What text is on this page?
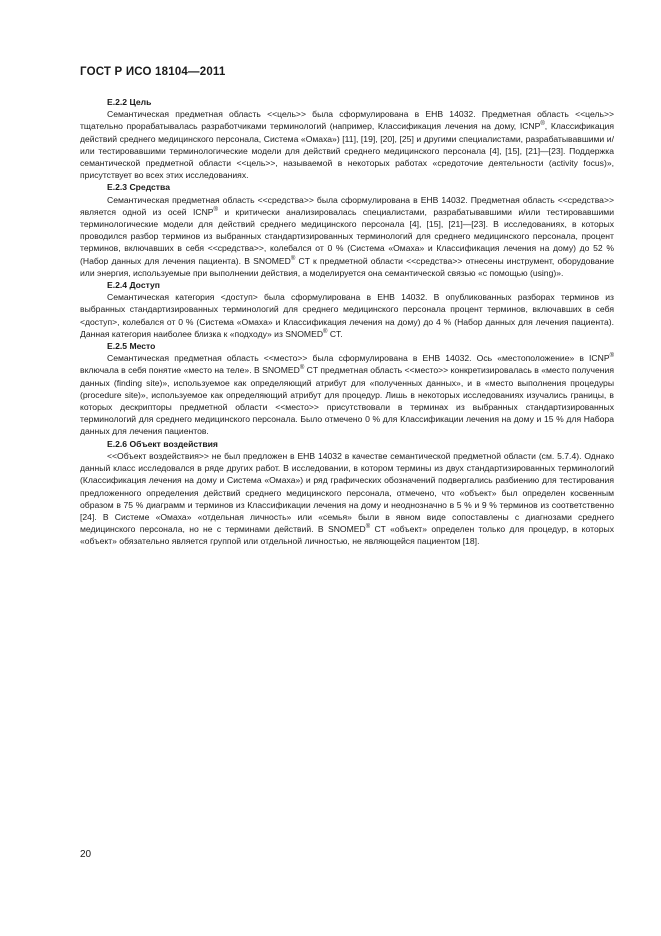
ГОСТ Р ИСО 18104—2011

Е.2.2 Цель

Семантическая предметная область <<цель>> была сформулирована в ЕНВ 14032. Предметная область <<цель>> тщательно прорабатывалась разработчиками терминологий (например, Классификация лечения на дому, ICNP®, Классификация действий среднего медицинского персонала, Система «Омаха») [11], [19], [20], [25] и другими специалистами, разрабатывавшими и/или тестировавшими терминологические модели для действий среднего медицинского персонала [4], [15], [21]—[23]. Поддержка семантической предметной области <<цель>>, называемой в некоторых работах «средоточие деятельности (activity focus)», присутствует во всех этих исследованиях.

Е.2.3 Средства

Семантическая предметная область <<средства>> была сформулирована в ЕНВ 14032. Предметная область <<средства>> является одной из осей ICNP® и критически анализировалась специалистами, разрабатывавшими и/или тестировавшими терминологические модели для действий среднего медицинского персонала [4], [15], [21]—[23]. В исследованиях, в которых проводился разбор терминов из выбранных стандартизированных терминологий для среднего медицинского персонала, процент терминов, включавших в себя <<средства>>, колебался от 0 % (Система «Омаха» и Классификация лечения на дому) до 52 % (Набор данных для лечения пациента). В SNOMED® CT к предметной области <<средства>> отнесены инструмент, оборудование или энергия, используемые при выполнении действия, а моделируется она семантической связью «с помощью (using)».

Е.2.4 Доступ

Семантическая категория <доступ> была сформулирована в ЕНВ 14032. В опубликованных разборах терминов из выбранных стандартизированных терминологий для среднего медицинского персонала процент терминов, включавших в себя <доступ>, колебался от 0 % (Система «Омаха» и Классификация лечения на дому) до 4 % (Набор данных для лечения пациента). Данная категория наиболее близка к «подходу» из SNOMED® CT.

Е.2.5 Место

Семантическая предметная область <<место>> была сформулирована в ЕНВ 14032. Ось «местоположение» в ICNP® включала в себя понятие «место на теле». В SNOMED® CT предметная область <<место>> конкретизировалась в «место получения данных (finding site)», используемое как определяющий атрибут для «полученных данных», и в «место выполнения процедуры (procedure site)», используемое как определяющий атрибут для процедур. Лишь в некоторых исследованиях изучались границы, в которых дескрипторы предметной области <<место>> присутствовали в терминах из выбранных стандартизированных терминологий для среднего медицинского персонала. Было отмечено 0 % для Классификации лечения на дому и 15 % для Набора данных для лечения пациентов.

Е.2.6 Объект воздействия

<<Объект воздействия>> не был предложен в ЕНВ 14032 в качестве семантической предметной области (см. 5.7.4). Однако данный класс исследовался в ряде других работ. В исследовании, в котором термины из двух стандартизированных терминологий (Классификация лечения на дому и Система «Омаха») и ряд графических обозначений подвергались разбиению для тестирования предложенного определения действий среднего медицинского персонала, отмечено, что «объект» был определен косвенным образом в 75 % диаграмм и терминов из Классификации лечения на дому и неоднозначно в 5 % и 9 % терминов из соответственно [24]. В Системе «Омаха» «отдельная личность» или «семья» были в явном виде сопоставлены с диагнозами среднего медицинского персонала, но не с терминами действий. В SNOMED® CT «объект» определен только для процедур, в которых «объект» обязательно является группой или отдельной личностью, не являющейся пациентом [18].

20
